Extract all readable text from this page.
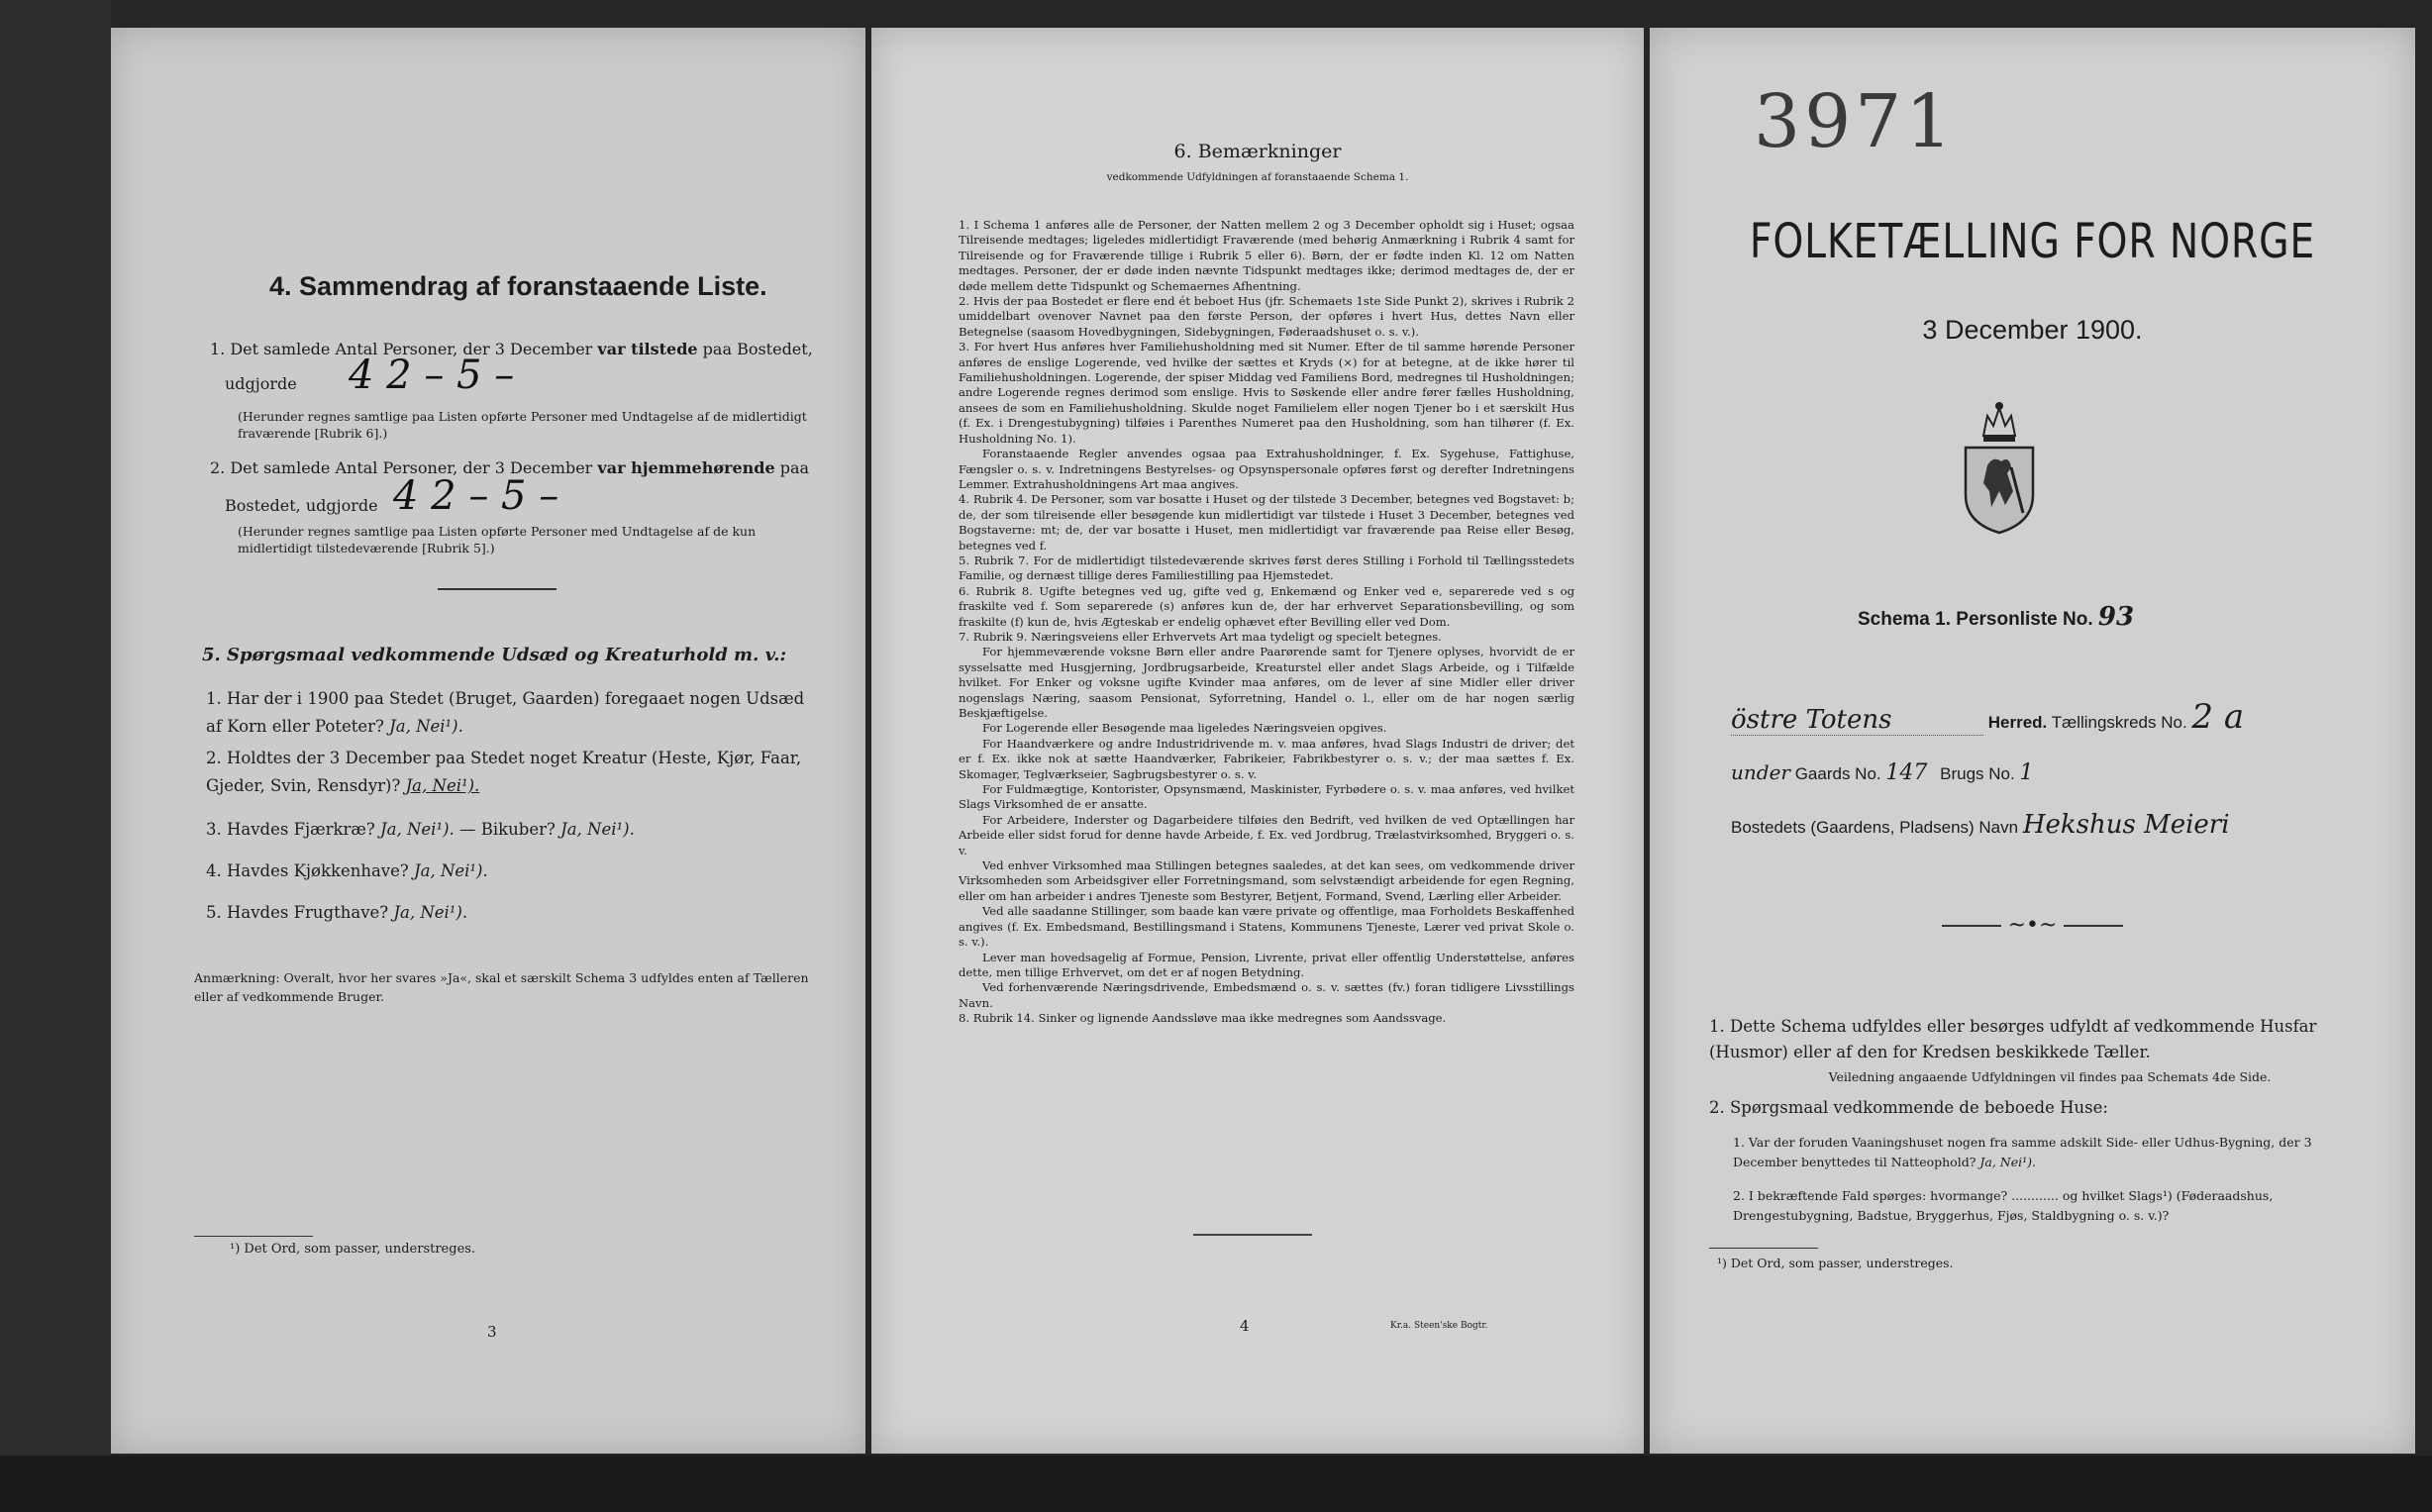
4. Sammendrag af foranstaaende Liste.
1. Det samlede Antal Personer, der 3 December var tilstede paa Bostedet,
udgjorde	4 2 – 5 –
(Herunder regnes samtlige paa Listen opførte Personer med Undtagelse af de midlertidigt fraværende [Rubrik 6].)
2. Det samlede Antal Personer, der 3 December var hjemmehørende paa
Bostedet, udgjorde 4 2 – 5 –
(Herunder regnes samtlige paa Listen opførte Personer med Undtagelse af de kun midlertidigt tilstedeværende [Rubrik 5].)
5. Spørgsmaal vedkommende Udsæd og Kreaturhold m. v.:
1. Har der i 1900 paa Stedet (Bruget, Gaarden) foregaaet nogen Udsæd af Korn eller Poteter? Ja, Nei¹).
2. Holdtes der 3 December paa Stedet noget Kreatur (Heste, Kjør, Faar, Gjeder, Svin, Rensdyr)? Ja, Nei¹).
3. Havdes Fjærkræ? Ja, Nei¹). — Bikuber? Ja, Nei¹).
4. Havdes Kjøkkenhave? Ja, Nei¹).
5. Havdes Frugthave? Ja, Nei¹).
Anmærkning: Overalt, hvor her svares »Ja«, skal et særskilt Schema 3 udfyldes enten af Tælleren eller af vedkommende Bruger.
¹) Det Ord, som passer, understreges.
3
6. Bemærkninger
vedkommende Udfyldningen af foranstaaende Schema 1.

1. I Schema 1 anføres alle de Personer, der Natten mellem 2 og 3 December opholdt sig i Huset; ogsaa Tilreisende medtages; ligeledes midlertidigt Fraværende (med behørig Anmærkning i Rubrik 4 samt for Tilreisende og for Fraværende tillige i Rubrik 5 eller 6). Børn, der er fødte inden Kl. 12 om Natten medtages. Personer, der er døde inden nævnte Tidspunkt medtages ikke; derimod medtages de, der er døde mellem dette Tidspunkt og Schemaernes Afhentning.

2. Hvis der paa Bostedet er flere end ét beboet Hus (jfr. Schemaets 1ste Side Punkt 2), skrives i Rubrik 2 umiddelbart ovenover Navnet paa den første Person, der opføres i hvert Hus, dettes Navn eller Betegnelse (saasom Hovedbygningen, Sidebygningen, Føderaadshuset o. s. v.).

3. For hvert Hus anføres hver Familiehusholdning med sit Numer. Efter de til samme hørende Personer anføres de enslige Logerende, ved hvilke der sættes et Kryds (×) for at betegne, at de ikke hører til Familiehusholdningen. Logerende, der spiser Middag ved Familiens Bord, medregnes til Husholdningen; andre Logerende regnes derimod som enslige. Hvis to Søskende eller andre fører fælles Husholdning, ansees de som en Familiehusholdning. Skulde noget Familielem eller nogen Tjener bo i et særskilt Hus (f. Ex. i Drengestubygning) tilføies i Parenthes Numeret paa den Husholdning, som han tilhører (f. Ex. Husholdning No. 1).

Foranstaaende Regler anvendes ogsaa paa Extrahusholdninger, f. Ex. Sygehuse, Fattighuse, Fængsler o. s. v. Indretningens Bestyrelses- og Opsynspersonale opføres først og derefter Indretningens Lemmer. Extrahusholdningens Art maa angives.

4. Rubrik 4. De Personer, som var bosatte i Huset og der tilstede 3 December, betegnes ved Bogstavet: b; de, der som tilreisende eller besøgende kun midlertidigt var tilstede i Huset 3 December, betegnes ved Bogstaverne: mt; de, der var bosatte i Huset, men midlertidigt var fraværende paa Reise eller Besøg, betegnes ved f.

5. Rubrik 7. For de midlertidigt tilstedeværende skrives først deres Stilling i Forhold til Tællingsstedets Familie, og dernæst tillige deres Familiestilling paa Hjemstedet.

6. Rubrik 8. Ugifte betegnes ved ug, gifte ved g, Enkemænd og Enker ved e, separerede ved s og fraskilte ved f. Som separerede (s) anføres kun de, der har erhvervet Separationsbevilling, og som fraskilte (f) kun de, hvis Ægteskab er endelig ophævet efter Bevilling eller ved Dom.

7. Rubrik 9. Næringsveiens eller Erhvervets Art maa tydeligt og specielt betegnes.

For hjemmeværende voksne Børn eller andre Paarørende samt for Tjenere oplyses, hvorvidt de er sysselsatte med Husgjerning, Jordbrugsarbeide, Kreaturstel eller andet Slags Arbeide, og i Tilfælde hvilket. For Enker og voksne ugifte Kvinder maa anføres, om de lever af sine Midler eller driver nogenslags Næring, saasom Pensionat, Syforretning, Handel o. l., eller om de har nogen særlig Beskjæftigelse.

For Logerende eller Besøgende maa ligeledes Næringsveien opgives.

For Haandværkere og andre Industridrivende m. v. maa anføres, hvad Slags Industri de driver; det er f. Ex. ikke nok at sætte Haandværker, Fabrikeier, Fabrikbestyrer o. s. v.; der maa sættes f. Ex. Skomager, Teglværkseier, Sagbrugsbestyrer o. s. v.

For Fuldmægtige, Kontorister, Opsynsmænd, Maskinister, Fyrbødere o. s. v. maa anføres, ved hvilket Slags Virksomhed de er ansatte.

For Arbeidere, Inderster og Dagarbeidere tilføies den Bedrift, ved hvilken de ved Optællingen har Arbeide eller sidst forud for denne havde Arbeide, f. Ex. ved Jordbrug, Trælastvirksomhed, Bryggeri o. s. v.

Ved enhver Virksomhed maa Stillingen betegnes saaledes, at det kan sees, om vedkommende driver Virksomheden som Arbeidsgiver eller Forretningsmand, som selvstændigt arbeidende for egen Regning, eller om han arbeider i andres Tjeneste som Bestyrer, Betjent, Formand, Svend, Lærling eller Arbeider.

Ved alle saadanne Stillinger, som baade kan være private og offentlige, maa Forholdets Beskaffenhed angives (f. Ex. Embedsmand, Bestillingsmand i Statens, Kommunens Tjeneste, Lærer ved privat Skole o. s. v.).

Lever man hovedsagelig af Formue, Pension, Livrente, privat eller offentlig Understøttelse, anføres dette, men tillige Erhvervet, om det er af nogen Betydning.

Ved forhenværende Næringsdrivende, Embedsmænd o. s. v. sættes (fv.) foran tidligere Livsstillings Navn.

8. Rubrik 14. Sinker og lignende Aandssløve maa ikke medregnes som Aandssvage.

4	Kr.a. Steen'ske Bogtr.
3971
FOLKETÆLLING FOR NORGE
3 December 1900.
Schema 1. Personliste No. 93
östre Totens	Herred. Tællingskreds No. 2 a
under Gaards No. 147 Brugs No. 1
Bostedets (Gaardens, Pladsens) Navn Hekshus Meieri
~•~
1. Dette Schema udfyldes eller besørges udfyldt af vedkommende Husfar (Husmor) eller af den for Kredsen beskikkede Tæller.
Veiledning angaaende Udfyldningen vil findes paa Schemats 4de Side.
2. Spørgsmaal vedkommende de beboede Huse:
1. Var der foruden Vaaningshuset nogen fra samme adskilt Side- eller Udhus-Bygning, der 3 December benyttedes til Natteophold? Ja, Nei¹).
2. I bekræftende Fald spørges: hvormange? ............ og hvilket Slags¹) (Føderaadshus, Drengestubygning, Badstue, Bryggerhus, Fjøs, Staldbygning o. s. v.)?
¹) Det Ord, som passer, understreges.
